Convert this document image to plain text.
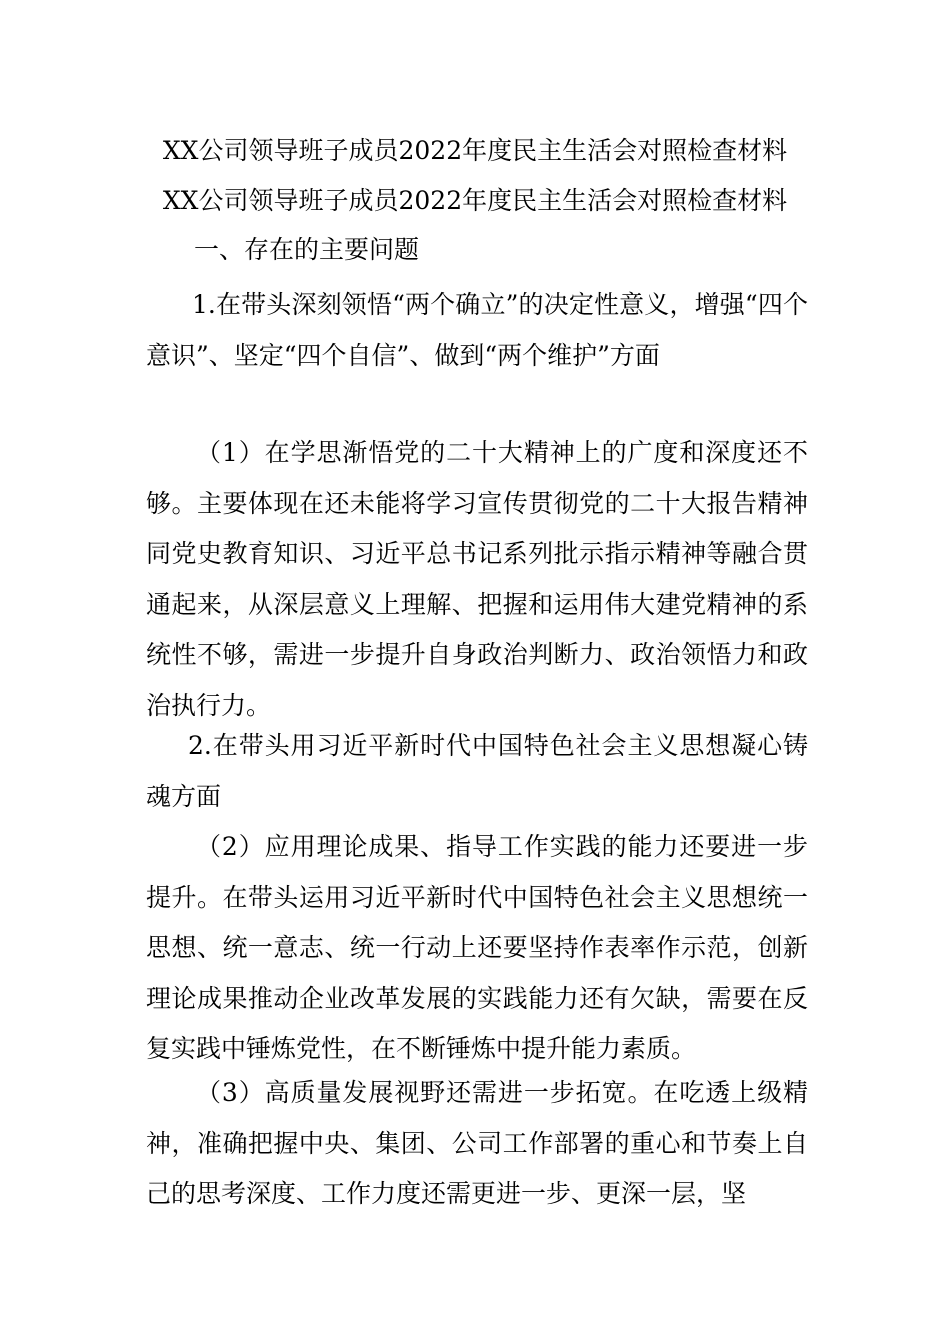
XX公司领导班子成员2022年度民主生活会对照检查材料
XX公司领导班子成员2022年度民主生活会对照检查材料
一、存在的主要问题

1.在带头深刻领悟“两个确立”的决定性意义，增强“四个意识”、坚定“四个自信”、做到“两个维护”方面

（1）在学思渐悟党的二十大精神上的广度和深度还不够。主要体现在还未能将学习宣传贯彻党的二十大报告精神同党史教育知识、习近平总书记系列批示指示精神等融合贯通起来，从深层意义上理解、把握和运用伟大建党精神的系统性不够，需进一步提升自身政治判断力、政治领悟力和政治执行力。

2.在带头用习近平新时代中国特色社会主义思想凝心铸魂方面

（2）应用理论成果、指导工作实践的能力还要进一步提升。在带头运用习近平新时代中国特色社会主义思想统一思想、统一意志、统一行动上还要坚持作表率作示范，创新理论成果推动企业改革发展的实践能力还有欠缺，需要在反复实践中锤炼党性，在不断锤炼中提升能力素质。

（3）高质量发展视野还需进一步拓宽。在吃透上级精神，准确把握中央、集团、公司工作部署的重心和节奏上自己的思考深度、工作力度还需更进一步、更深一层，坚
